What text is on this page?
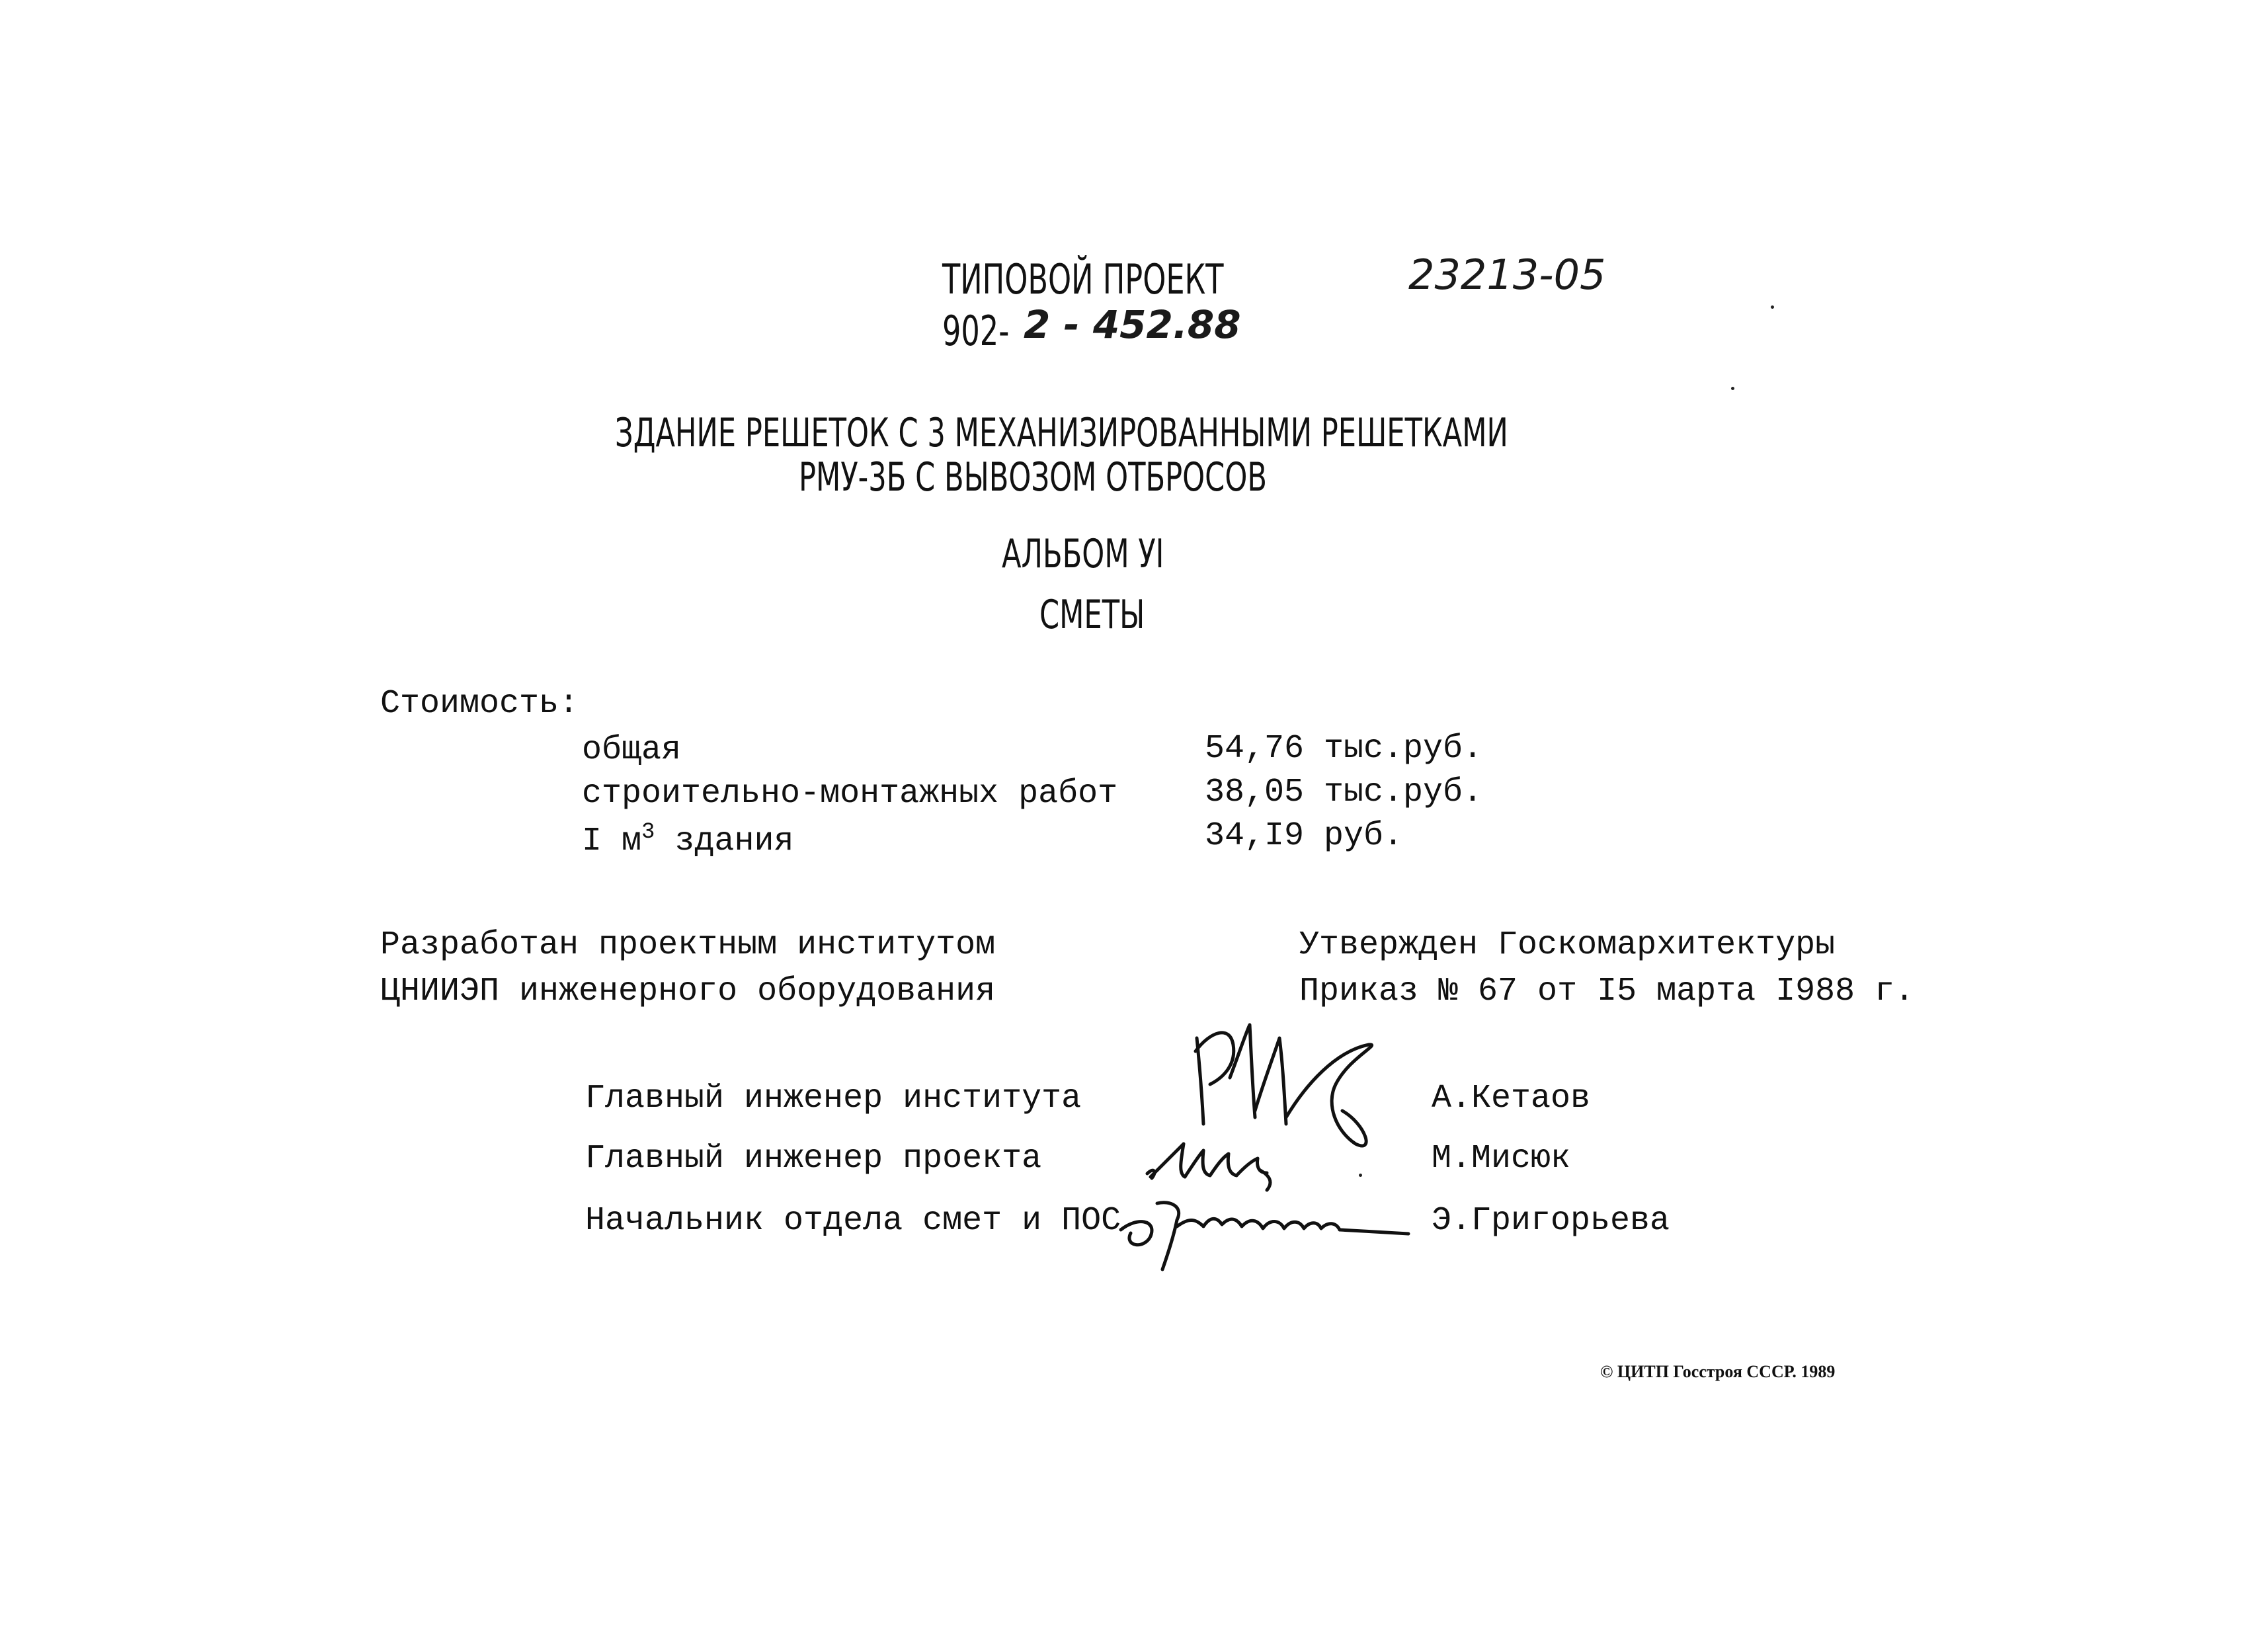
ТИПОВОЙ ПРОЕКТ
902- 2 - 452.88
23213-05
ЗДАНИЕ РЕШЕТОК С 3 МЕХАНИЗИРОВАННЫМИ РЕШЕТКАМИ
РМУ-3Б С ВЫВОЗОМ ОТБРОСОВ
АЛЬБОМ УI
СМЕТЫ
Стоимость:
общая	54,76 тыс.руб.
строительно-монтажных работ	38,05 тыс.руб.
I $м^3$ здания	34,I9 руб.
Разработан проектным институтом
ЦНИИЭП инженерного оборудования
Утвержден Госкомархитектуры
Приказ № 67 от I5 марта I988 г.
Главный инженер института	А.Кетаов
Главный инженер проекта	М.Мисюк
Начальник отдела смет и ПОС	Э.Григорьева
© ЦИТП Госстроя СССР. 1989
